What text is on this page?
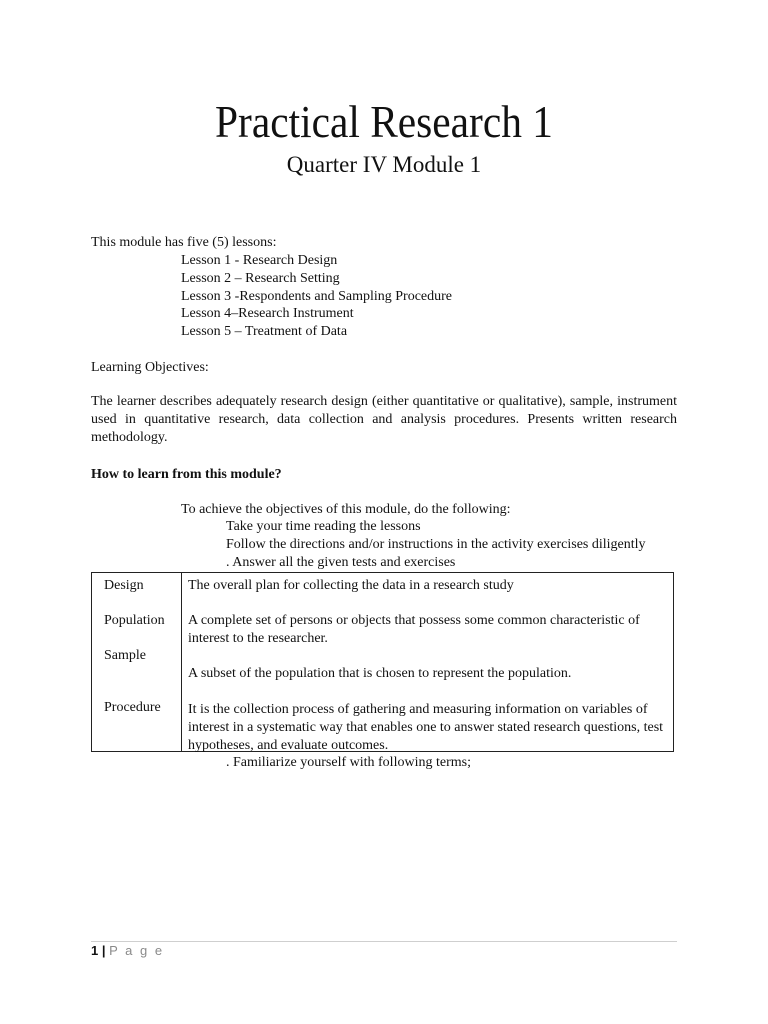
Practical Research 1
Quarter IV Module 1
This module has five (5) lessons:
Lesson 1 - Research Design
Lesson 2 – Research Setting
Lesson 3 -Respondents and Sampling Procedure
Lesson 4–Research Instrument
Lesson 5 – Treatment of Data
Learning Objectives:
The learner describes adequately research design (either quantitative or qualitative), sample, instrument used in quantitative research, data collection and analysis procedures. Presents written research methodology.
How to learn from this module?
To achieve the objectives of this module, do the following:
Take your time reading the lessons
Follow the directions and/or instructions in the activity exercises diligently
. Answer all the given tests and exercises
Design	The overall plan for collecting the data in a research study
Population A complete set of persons or objects that possess some common characteristic of interest to the researcher.
Sample
A subset of the population that is chosen to represent the population.
Procedure It is the collection process of gathering and measuring information on variables of interest in a systematic way that enables one to answer stated research questions, test hypotheses, and evaluate outcomes.
. Familiarize yourself with following terms;
1 | P a g e
